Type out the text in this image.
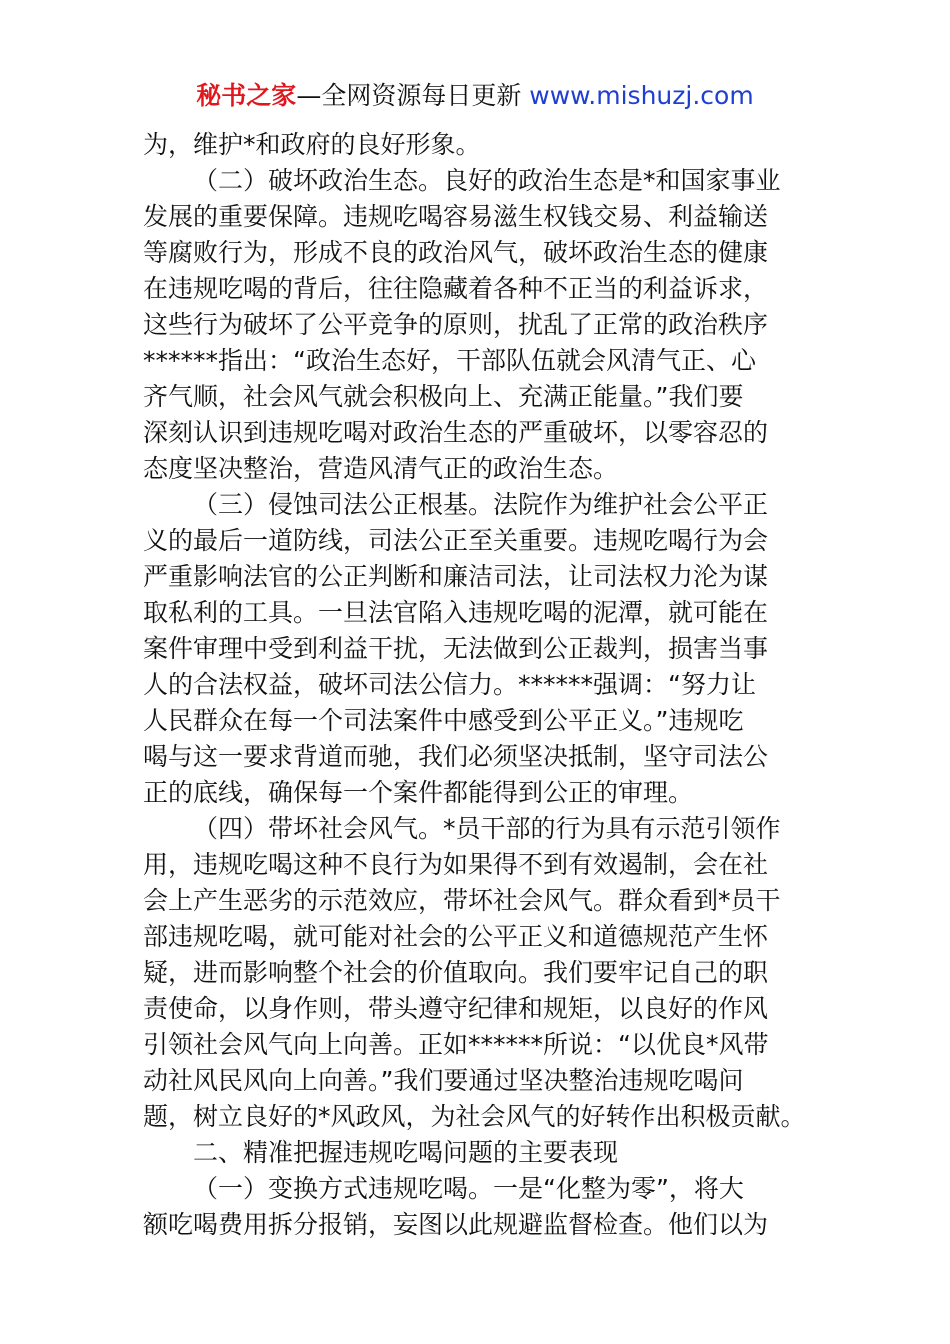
秘书之家—全网资源每日更新 www.mishuzj.com
为，维护*和政府的良好形象。
（二）破坏政治生态。良好的政治生态是*和国家事业
发展的重要保障。违规吃喝容易滋生权钱交易、利益输送
等腐败行为，形成不良的政治风气，破坏政治生态的健康
在违规吃喝的背后，往往隐藏着各种不正当的利益诉求，
这些行为破坏了公平竞争的原则，扰乱了正常的政治秩序
******指出：“政治生态好，干部队伍就会风清气正、心
齐气顺，社会风气就会积极向上、充满正能量。”我们要
深刻认识到违规吃喝对政治生态的严重破坏，以零容忍的
态度坚决整治，营造风清气正的政治生态。
（三）侵蚀司法公正根基。法院作为维护社会公平正
义的最后一道防线，司法公正至关重要。违规吃喝行为会
严重影响法官的公正判断和廉洁司法，让司法权力沦为谋
取私利的工具。一旦法官陷入违规吃喝的泥潭，就可能在
案件审理中受到利益干扰，无法做到公正裁判，损害当事
人的合法权益，破坏司法公信力。******强调：“努力让
人民群众在每一个司法案件中感受到公平正义。”违规吃
喝与这一要求背道而驰，我们必须坚决抵制，坚守司法公
正的底线，确保每一个案件都能得到公正的审理。
（四）带坏社会风气。*员干部的行为具有示范引领作
用，违规吃喝这种不良行为如果得不到有效遏制，会在社
会上产生恶劣的示范效应，带坏社会风气。群众看到*员干
部违规吃喝，就可能对社会的公平正义和道德规范产生怀
疑，进而影响整个社会的价值取向。我们要牢记自己的职
责使命，以身作则，带头遵守纪律和规矩，以良好的作风
引领社会风气向上向善。正如******所说：“以优良*风带
动社风民风向上向善。”我们要通过坚决整治违规吃喝问
题，树立良好的*风政风，为社会风气的好转作出积极贡献。
二、精准把握违规吃喝问题的主要表现
（一）变换方式违规吃喝。一是“化整为零”，将大
额吃喝费用拆分报销，妄图以此规避监督检查。他们以为
